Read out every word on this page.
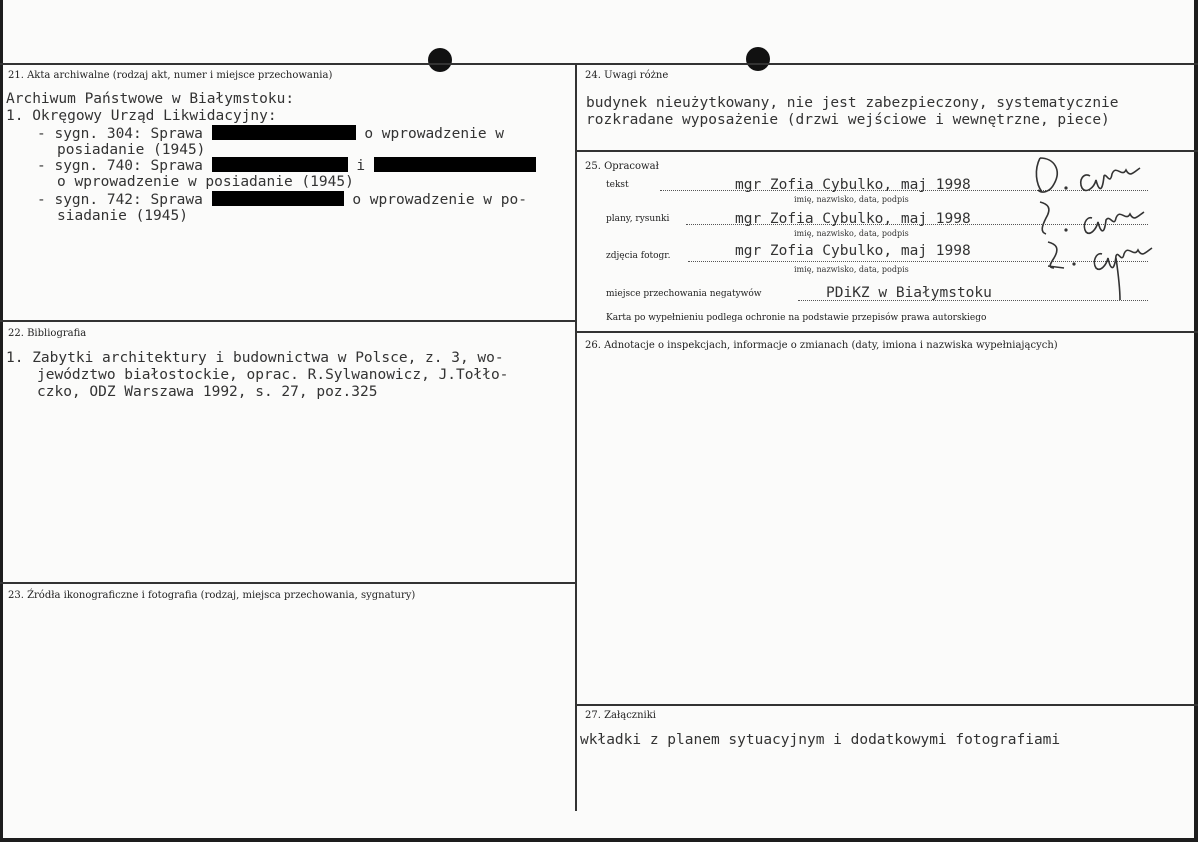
21. Akta archiwalne (rodzaj akt, numer i miejsce przechowania)
Archiwum Państwowe w Białymstoku:
1. Okręgowy Urząd Likwidacyjny:
- sygn. 304: Sprawa	o wprowadzenie w
posiadanie (1945)
- sygn. 740: Sprawa	i
o wprowadzenie w posiadanie (1945)
- sygn. 742: Sprawa	o wprowadzenie w po-
siadanie (1945)
22. Bibliografia
1. Zabytki architektury i budownictwa w Polsce, z. 3, wo-
jewództwo białostockie, oprac. R.Sylwanowicz, J.Tołło-
czko, ODZ Warszawa 1992, s. 27, poz.325
23. Źródła ikonograficzne i fotografia (rodzaj, miejsca przechowania, sygnatury)
24. Uwagi różne
budynek nieużytkowany, nie jest zabezpieczony, systematycznie
rozkradane wyposażenie (drzwi wejściowe i wewnętrzne, piece)
25. Opracował
tekst	mgr Zofia Cybulko, maj 1998
imię, nazwisko, data, podpis
plany, rysunki	mgr Zofia Cybulko, maj 1998
imię, nazwisko, data, podpis
zdjęcia fotogr.	mgr Zofia Cybulko, maj 1998
imię, nazwisko, data, podpis
miejsce przechowania negatywów	PDiKZ w Białymstoku
Karta po wypełnieniu podlega ochronie na podstawie przepisów prawa autorskiego
26. Adnotacje o inspekcjach, informacje o zmianach (daty, imiona i nazwiska wypełniających)
27. Załączniki
wkładki z planem sytuacyjnym i dodatkowymi fotografiami
